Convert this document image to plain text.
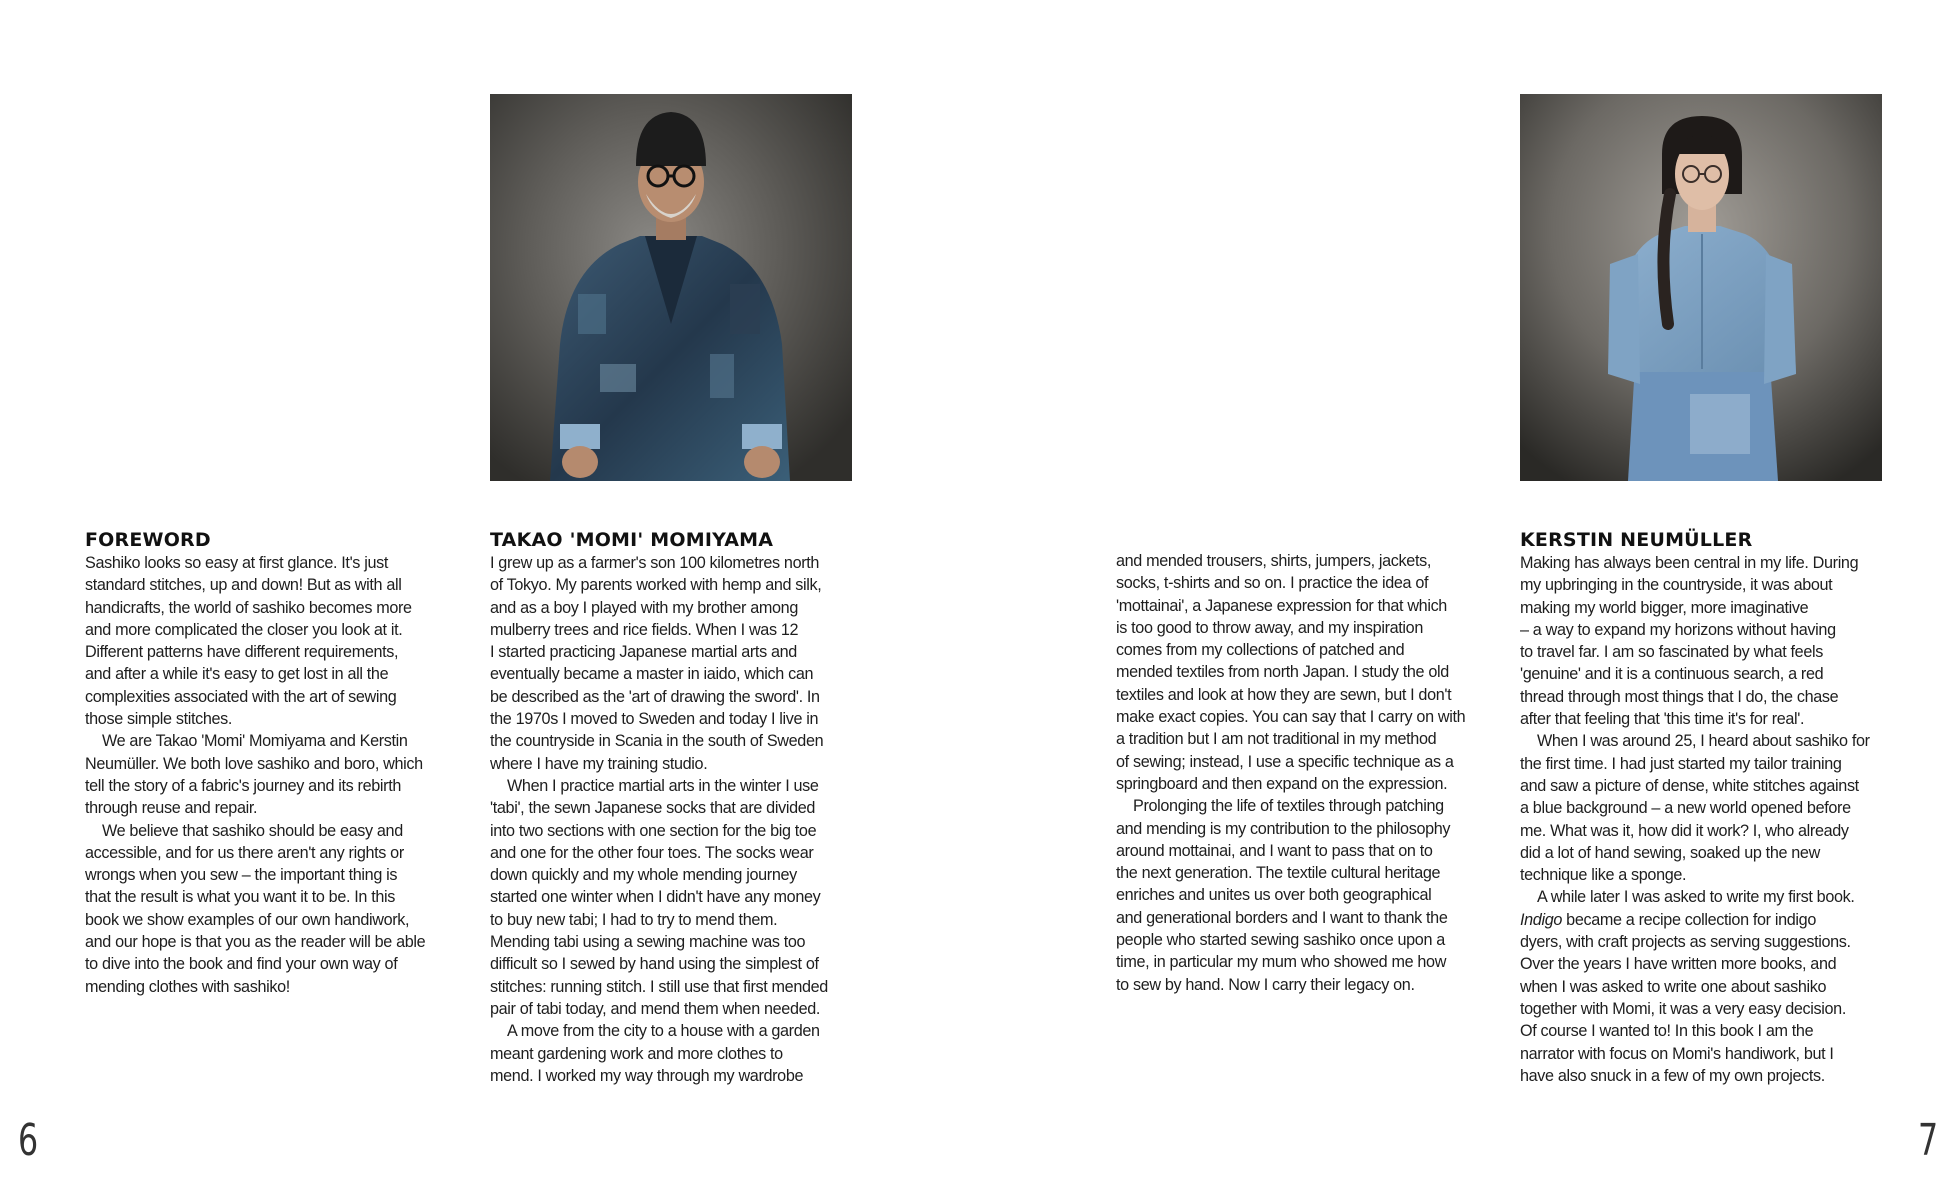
FOREWORD
Sashiko looks so easy at first glance. It's just
standard stitches, up and down! But as with all
handicrafts, the world of sashiko becomes more
and more complicated the closer you look at it.
Different patterns have different requirements,
and after a while it's easy to get lost in all the
complexities associated with the art of sewing
those simple stitches.
We are Takao 'Momi' Momiyama and Kerstin
Neumüller. We both love sashiko and boro, which
tell the story of a fabric's journey and its rebirth
through reuse and repair.
We believe that sashiko should be easy and
accessible, and for us there aren't any rights or
wrongs when you sew – the important thing is
that the result is what you want it to be. In this
book we show examples of our own handiwork,
and our hope is that you as the reader will be able
to dive into the book and find your own way of
mending clothes with sashiko!
TAKAO 'MOMI' MOMIYAMA
I grew up as a farmer's son 100 kilometres north
of Tokyo. My parents worked with hemp and silk,
and as a boy I played with my brother among
mulberry trees and rice fields. When I was 12
I started practicing Japanese martial arts and
eventually became a master in iaido, which can
be described as the 'art of drawing the sword'. In
the 1970s I moved to Sweden and today I live in
the countryside in Scania in the south of Sweden
where I have my training studio.
When I practice martial arts in the winter I use
'tabi', the sewn Japanese socks that are divided
into two sections with one section for the big toe
and one for the other four toes. The socks wear
down quickly and my whole mending journey
started one winter when I didn't have any money
to buy new tabi; I had to try to mend them.
Mending tabi using a sewing machine was too
difficult so I sewed by hand using the simplest of
stitches: running stitch. I still use that first mended
pair of tabi today, and mend them when needed.
A move from the city to a house with a garden
meant gardening work and more clothes to
mend. I worked my way through my wardrobe
and mended trousers, shirts, jumpers, jackets,
socks, t-shirts and so on. I practice the idea of
'mottainai', a Japanese expression for that which
is too good to throw away, and my inspiration
comes from my collections of patched and
mended textiles from north Japan. I study the old
textiles and look at how they are sewn, but I don't
make exact copies. You can say that I carry on with
a tradition but I am not traditional in my method
of sewing; instead, I use a specific technique as a
springboard and then expand on the expression.
Prolonging the life of textiles through patching
and mending is my contribution to the philosophy
around mottainai, and I want to pass that on to
the next generation. The textile cultural heritage
enriches and unites us over both geographical
and generational borders and I want to thank the
people who started sewing sashiko once upon a
time, in particular my mum who showed me how
to sew by hand. Now I carry their legacy on.
KERSTIN NEUMÜLLER
Making has always been central in my life. During
my upbringing in the countryside, it was about
making my world bigger, more imaginative
– a way to expand my horizons without having
to travel far. I am so fascinated by what feels
'genuine' and it is a continuous search, a red
thread through most things that I do, the chase
after that feeling that 'this time it's for real'.
When I was around 25, I heard about sashiko for
the first time. I had just started my tailor training
and saw a picture of dense, white stitches against
a blue background – a new world opened before
me. What was it, how did it work? I, who already
did a lot of hand sewing, soaked up the new
technique like a sponge.
A while later I was asked to write my first book.
Indigo became a recipe collection for indigo
dyers, with craft projects as serving suggestions.
Over the years I have written more books, and
when I was asked to write one about sashiko
together with Momi, it was a very easy decision.
Of course I wanted to! In this book I am the
narrator with focus on Momi's handiwork, but I
have also snuck in a few of my own projects.
6	7
